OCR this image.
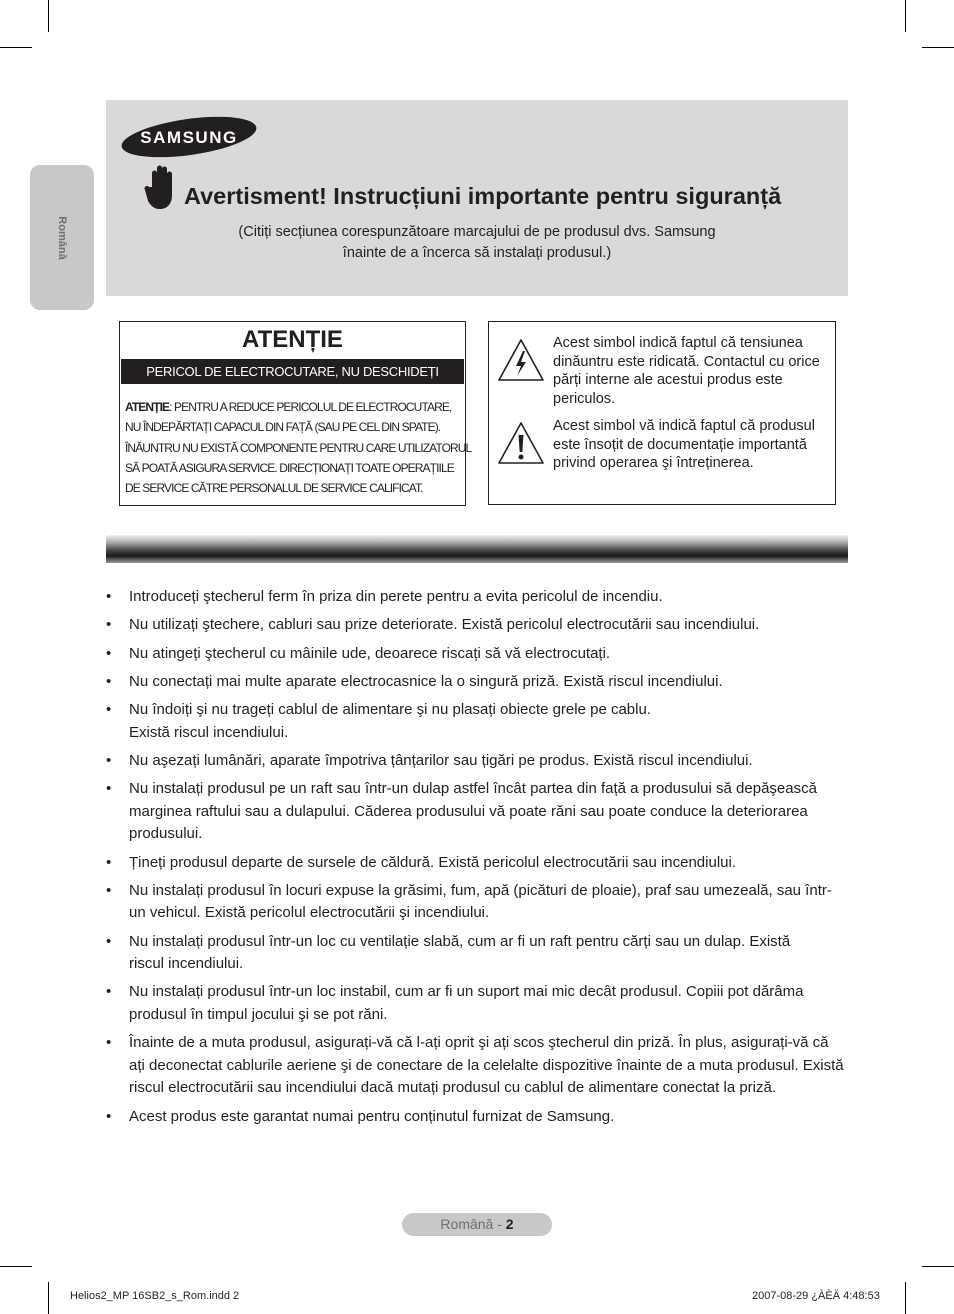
Română
SAMSUNG
Avertisment! Instrucțiuni importante pentru siguranță
(Citiți secțiunea corespunzătoare marcajului de pe produsul dvs. Samsung
înainte de a încerca să instalați produsul.)
ATENȚIE
PERICOL DE ELECTROCUTARE, NU DESCHIDEȚI
ATENȚIE: PENTRU A REDUCE PERICOLUL DE ELECTROCUTARE,
NU ÎNDEPĂRTAȚI CAPACUL DIN FAȚĂ (SAU PE CEL DIN SPATE).
ÎNĂUNTRU NU EXISTĂ COMPONENTE PENTRU CARE UTILIZATORUL
SĂ POATĂ ASIGURA SERVICE. DIRECȚIONAȚI TOATE OPERAȚIILE
DE SERVICE CĂTRE PERSONALUL DE SERVICE CALIFICAT.
Acest simbol indică faptul că tensiunea dinăuntru este ridicată. Contactul cu orice părți interne ale acestui produs este periculos.
Acest simbol vă indică faptul că produsul este însoțit de documentație importantă privind operarea şi întreținerea.
• Introduceți ştecherul ferm în priza din perete pentru a evita pericolul de incendiu.
• Nu utilizați ştechere, cabluri sau prize deteriorate. Există pericolul electrocutării sau incendiului.
• Nu atingeți ştecherul cu mâinile ude, deoarece riscați să vă electrocutați.
• Nu conectați mai multe aparate electrocasnice la o singură priză. Există riscul incendiului.
• Nu îndoiți şi nu trageți cablul de alimentare şi nu plasați obiecte grele pe cablu. Există riscul incendiului.
• Nu aşezați lumânări, aparate împotriva țânțarilor sau țigări pe produs. Există riscul incendiului.
• Nu instalați produsul pe un raft sau într-un dulap astfel încât partea din față a produsului să depăşească marginea raftului sau a dulapului. Căderea produsului vă poate răni sau poate conduce la deteriorarea produsului.
• Țineți produsul departe de sursele de căldură. Există pericolul electrocutării sau incendiului.
• Nu instalați produsul în locuri expuse la grăsimi, fum, apă (picături de ploaie), praf sau umezeală, sau într-un vehicul. Există pericolul electrocutării şi incendiului.
• Nu instalați produsul într-un loc cu ventilație slabă, cum ar fi un raft pentru cărți sau un dulap. Există riscul incendiului.
• Nu instalați produsul într-un loc instabil, cum ar fi un suport mai mic decât produsul. Copiii pot dărâma produsul în timpul jocului şi se pot răni.
• Înainte de a muta produsul, asigurați-vă că l-ați oprit şi ați scos ştecherul din priză. În plus, asigurați-vă că ați deconectat cablurile aeriene şi de conectare de la celelalte dispozitive înainte de a muta produsul. Există riscul electrocutării sau incendiului dacă mutați produsul cu cablul de alimentare conectat la priză.
• Acest produs este garantat numai pentru conținutul furnizat de Samsung.
Română - 2
Helios2_MP 16SB2_s_Rom.indd 2	2007-08-29 ¿ÀÈÄ 4:48:53
